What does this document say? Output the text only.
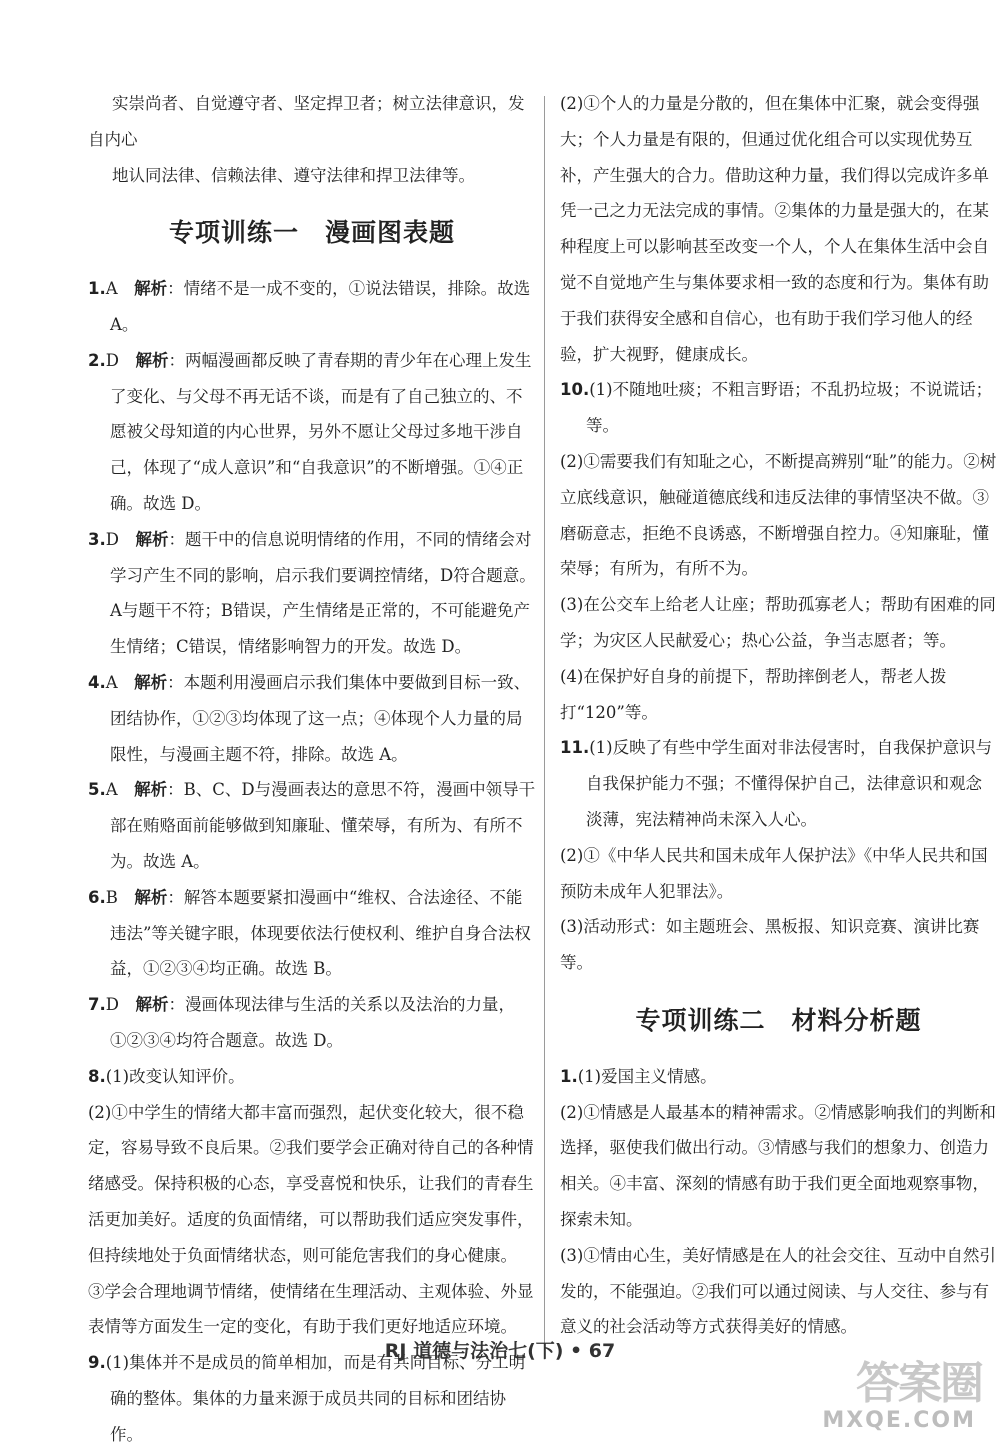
实崇尚者、自觉遵守者、坚定捍卫者；树立法律意识，发自内心

地认同法律、信赖法律、遵守法律和捍卫法律等。

专项训练一　漫画图表题

1.A　 解析：情绪不是一成不变的，①说法错误，排除。故选 A。

2.D　 解析：两幅漫画都反映了青春期的青少年在心理上发生了变化、与父母不再无话不谈，而是有了自己独立的、不愿被父母知道的内心世界，另外不愿让父母过多地干涉自己，体现了“成人意识”和“自我意识”的不断增强。①④正确。故选 D。

3.D　 解析：题干中的信息说明情绪的作用，不同的情绪会对学习产生不同的影响，启示我们要调控情绪，D符合题意。A与题干不符；B错误，产生情绪是正常的，不可能避免产生情绪；C错误，情绪影响智力的开发。故选 D。

4.A　 解析：本题利用漫画启示我们集体中要做到目标一致、团结协作，①②③均体现了这一点；④体现个人力量的局限性，与漫画主题不符，排除。故选 A。

5.A　 解析：B、C、D与漫画表达的意思不符，漫画中领导干部在贿赂面前能够做到知廉耻、懂荣辱，有所为、有所不为。故选 A。

6.B　 解析：解答本题要紧扣漫画中“维权、合法途径、不能违法”等关键字眼，体现要依法行使权利、维护自身合法权益，①②③④均正确。故选 B。

7.D　 解析：漫画体现法律与生活的关系以及法治的力量，①②③④均符合题意。故选 D。

8.(1)改变认知评价。

(2)①中学生的情绪大都丰富而强烈，起伏变化较大，很不稳定，容易导致不良后果。②我们要学会正确对待自己的各种情绪感受。保持积极的心态，享受喜悦和快乐，让我们的青春生活更加美好。适度的负面情绪，可以帮助我们适应突发事件，但持续地处于负面情绪状态，则可能危害我们的身心健康。

③学会合理地调节情绪，使情绪在生理活动、主观体验、外显表情等方面发生一定的变化，有助于我们更好地适应环境。

9.(1)集体并不是成员的简单相加，而是有共同目标、分工明确的整体。集体的力量来源于成员共同的目标和团结协作。

(2)①个人的力量是分散的，但在集体中汇聚，就会变得强大；个人力量是有限的，但通过优化组合可以实现优势互补，产生强大的合力。借助这种力量，我们得以完成许多单凭一己之力无法完成的事情。②集体的力量是强大的，在某种程度上可以影响甚至改变一个人，个人在集体生活中会自觉不自觉地产生与集体要求相一致的态度和行为。集体有助于我们获得安全感和自信心，也有助于我们学习他人的经验，扩大视野，健康成长。

10.(1)不随地吐痰；不粗言野语；不乱扔垃圾；不说谎话；等。

(2)①需要我们有知耻之心，不断提高辨别“耻”的能力。②树立底线意识，触碰道德底线和违反法律的事情坚决不做。③磨砺意志，拒绝不良诱惑，不断增强自控力。④知廉耻，懂荣辱；有所为，有所不为。

(3)在公交车上给老人让座；帮助孤寡老人；帮助有困难的同学；为灾区人民献爱心；热心公益，争当志愿者；等。

(4)在保护好自身的前提下，帮助摔倒老人，帮老人拨打“120”等。

11.(1)反映了有些中学生面对非法侵害时，自我保护意识与自我保护能力不强；不懂得保护自己，法律意识和观念淡薄，宪法精神尚未深入人心。

(2)①《中华人民共和国未成年人保护法》《中华人民共和国预防未成年人犯罪法》。

(3)活动形式：如主题班会、黑板报、知识竞赛、演讲比赛等。

专项训练二　材料分析题

1.(1)爱国主义情感。

(2)①情感是人最基本的精神需求。②情感影响我们的判断和选择，驱使我们做出行动。③情感与我们的想象力、创造力相关。④丰富、深刻的情感有助于我们更全面地观察事物，探索未知。

(3)①情由心生，美好情感是在人的社会交往、互动中自然引发的，不能强迫。②我们可以通过阅读、与人交往、参与有意义的社会活动等方式获得美好的情感。

RJ 道德与法治七(下) • 67
答案圈
MXQE.COM
